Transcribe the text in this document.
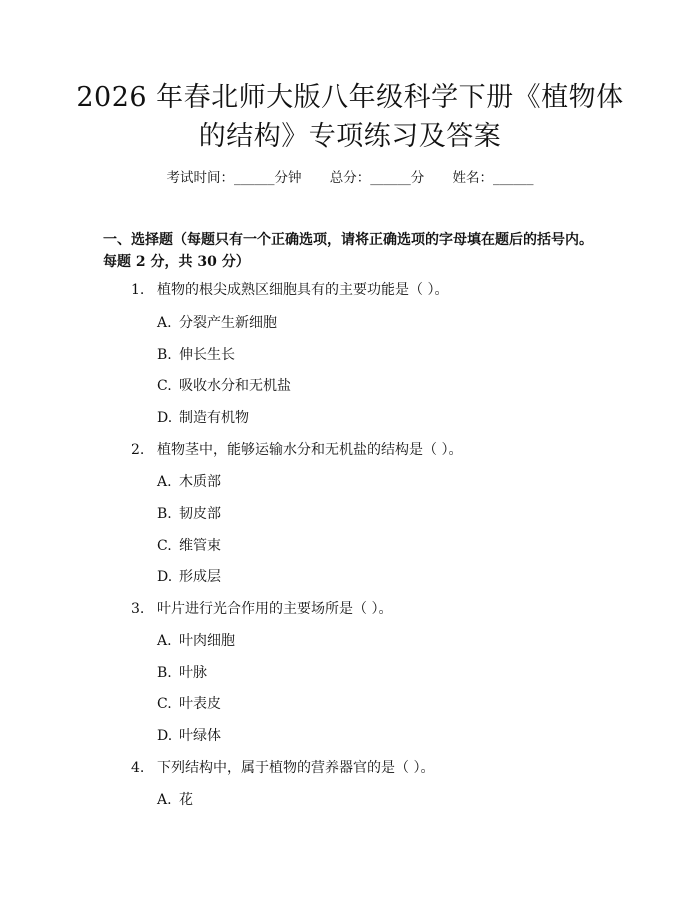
2026 年春北师大版八年级科学下册《植物体
的结构》专项练习及答案
考试时间：______分钟 总分：______分 姓名：______
一、选择题（每题只有一个正确选项，请将正确选项的字母填在题后的括号内。
每题 2 分，共 30 分）
1. 植物的根尖成熟区细胞具有的主要功能是（ ）。
A. 分裂产生新细胞
B. 伸长生长
C. 吸收水分和无机盐
D. 制造有机物
2. 植物茎中，能够运输水分和无机盐的结构是（ ）。
A. 木质部
B. 韧皮部
C. 维管束
D. 形成层
3. 叶片进行光合作用的主要场所是（ ）。
A. 叶肉细胞
B. 叶脉
C. 叶表皮
D. 叶绿体
4. 下列结构中，属于植物的营养器官的是（ ）。
A. 花
